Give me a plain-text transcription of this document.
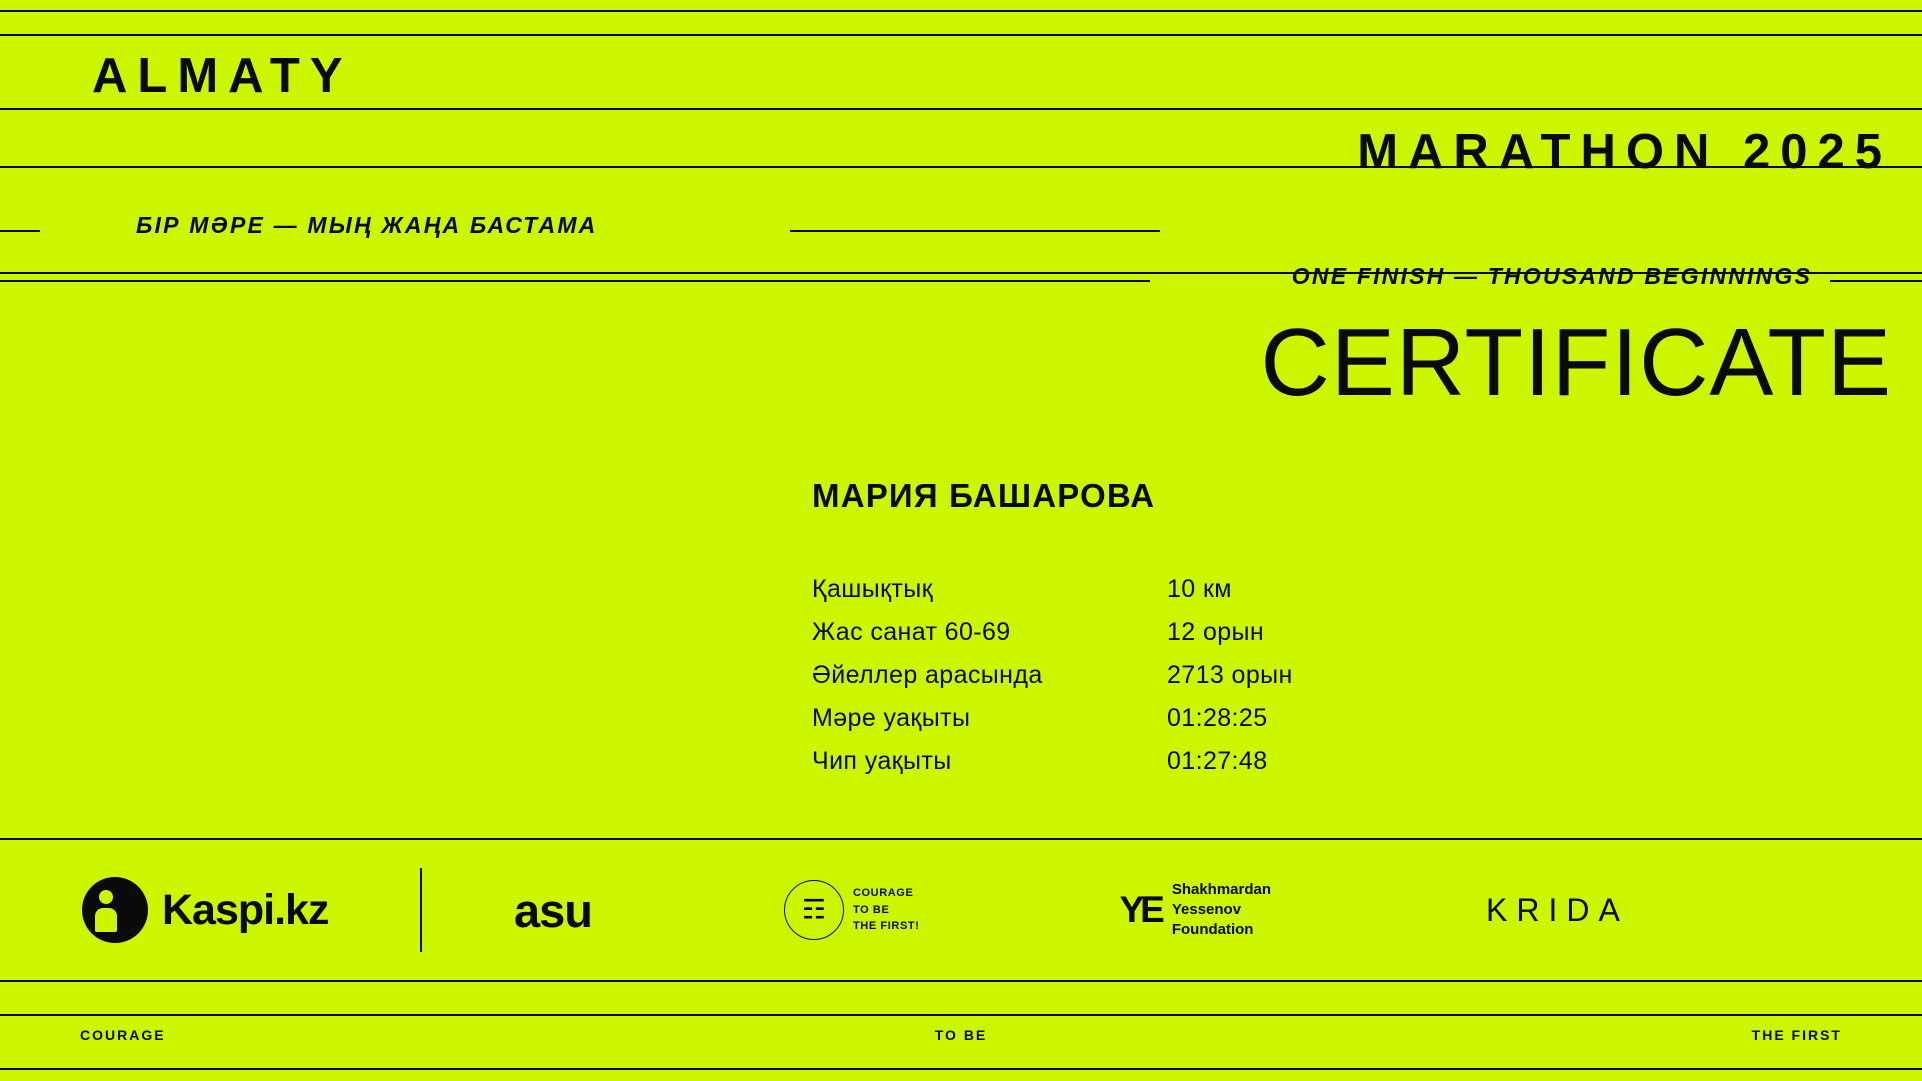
ALMATY
MARATHON 2025
БІР МӘРЕ — МЫҢ ЖАҢА БАСТАМА
ONE FINISH — THOUSAND BEGINNINGS
CERTIFICATE
МАРИЯ БАШАРОВА
Қашықтық	10 км
Жас санат 60-69	12 орын
Әйеллер арасында	2713 орын
Мәре уақыты	01:28:25
Чип уақыты	01:27:48
Kaspi.kz	asu	☶
COURAGE
TO BE
THE FIRST!	YE Shakhmardan
Yessenov
Foundation
KRIDA
COURAGE	TO BE	THE FIRST
